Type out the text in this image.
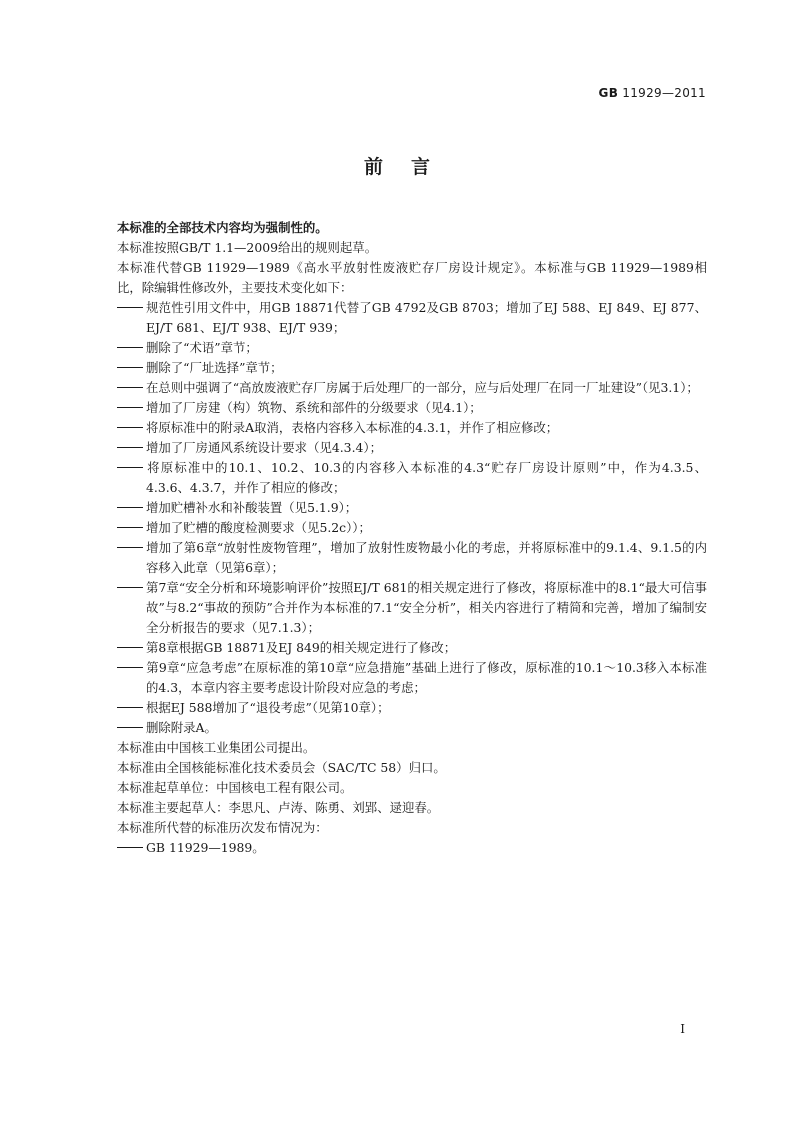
GB 11929—2011
前言

本标准的全部技术内容均为强制性的。

本标准按照GB/T 1.1—2009给出的规则起草。

本标准代替GB 11929—1989《高水平放射性废液贮存厂房设计规定》。本标准与GB 11929—1989相比，除编辑性修改外，主要技术变化如下：

规范性引用文件中，用GB 18871代替了GB 4792及GB 8703；增加了EJ 588、EJ 849、EJ 877、EJ/T 681、EJ/T 938、EJ/T 939；

删除了“术语”章节；

删除了“厂址选择”章节；

在总则中强调了“高放废液贮存厂房属于后处理厂的一部分，应与后处理厂在同一厂址建设”（见3.1）；

增加了厂房建（构）筑物、系统和部件的分级要求（见4.1）；

将原标准中的附录A取消，表格内容移入本标准的4.3.1，并作了相应修改；

增加了厂房通风系统设计要求（见4.3.4）；

将原标准中的10.1、10.2、10.3的内容移入本标准的4.3“贮存厂房设计原则”中，作为4.3.5、4.3.6、4.3.7，并作了相应的修改；

增加贮槽补水和补酸装置（见5.1.9）；

增加了贮槽的酸度检测要求（见5.2c））；

增加了第6章“放射性废物管理”，增加了放射性废物最小化的考虑，并将原标准中的9.1.4、9.1.5的内容移入此章（见第6章）；

第7章“安全分析和环境影响评价”按照EJ/T 681的相关规定进行了修改，将原标准中的8.1“最大可信事故”与8.2“事故的预防”合并作为本标准的7.1“安全分析”，相关内容进行了精简和完善，增加了编制安全分析报告的要求（见7.1.3）；

第8章根据GB 18871及EJ 849的相关规定进行了修改；

第9章“应急考虑”在原标准的第10章“应急措施”基础上进行了修改，原标准的10.1～10.3移入本标准的4.3，本章内容主要考虑设计阶段对应急的考虑；

根据EJ 588增加了“退役考虑”（见第10章）；

删除附录A。

本标准由中国核工业集团公司提出。

本标准由全国核能标准化技术委员会（SAC/TC 58）归口。

本标准起草单位：中国核电工程有限公司。

本标准主要起草人：李思凡、卢涛、陈勇、刘郢、逯迎春。

本标准所代替的标准历次发布情况为：

GB 11929—1989。

I
